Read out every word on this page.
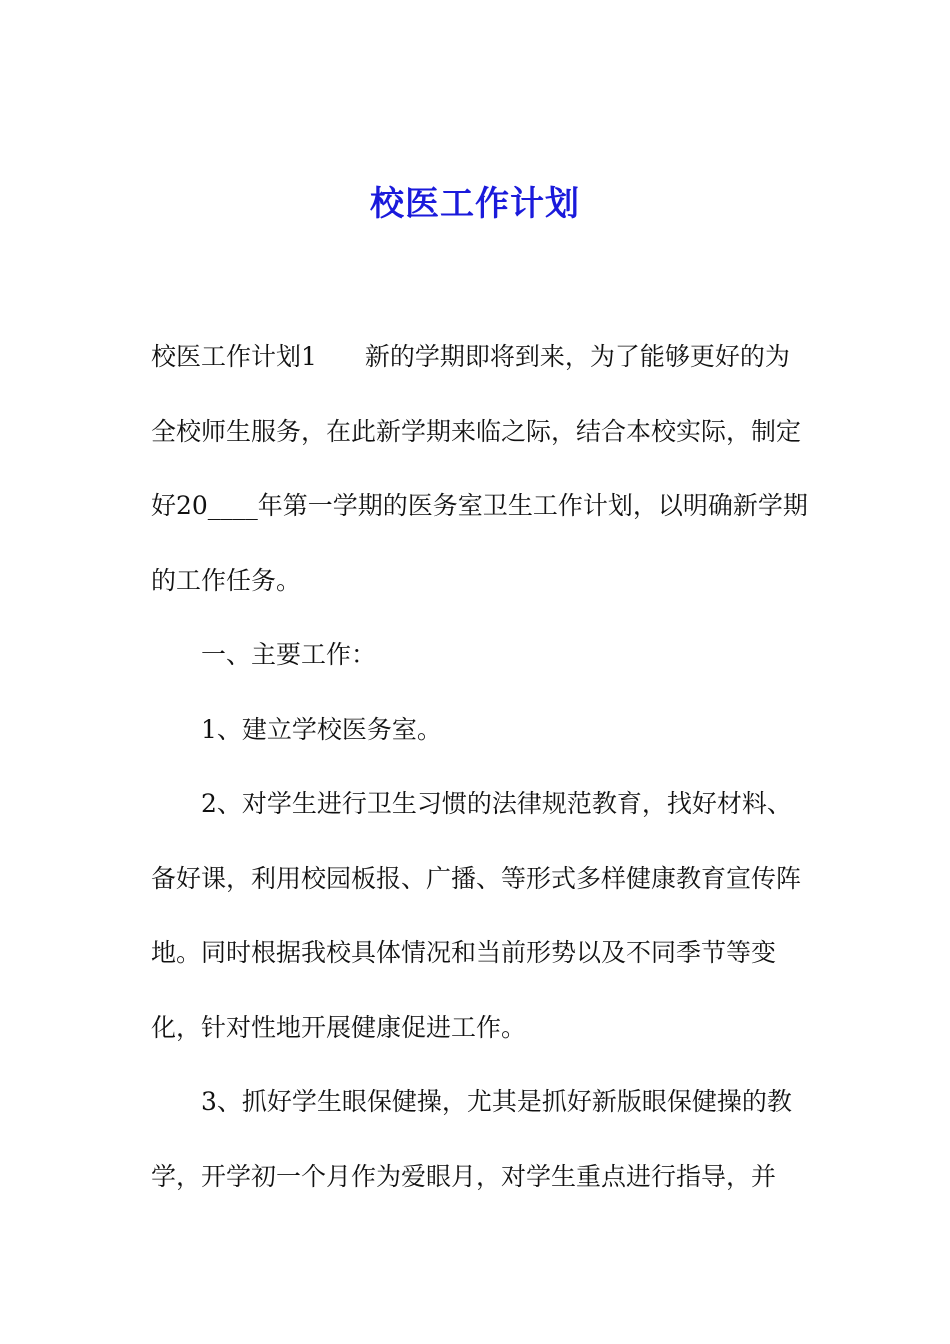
校医工作计划

校医工作计划1 新的学期即将到来，为了能够更好的为全校师生服务，在此新学期来临之际，结合本校实际，制定好20____年第一学期的医务室卫生工作计划，以明确新学期的工作任务。

一、主要工作：

1、建立学校医务室。

2、对学生进行卫生习惯的法律规范教育，找好材料、备好课，利用校园板报、广播、等形式多样健康教育宣传阵地。同时根据我校具体情况和当前形势以及不同季节等变化，针对性地开展健康促进工作。

3、抓好学生眼保健操，尤其是抓好新版眼保健操的教学，开学初一个月作为爱眼月，对学生重点进行指导，并
